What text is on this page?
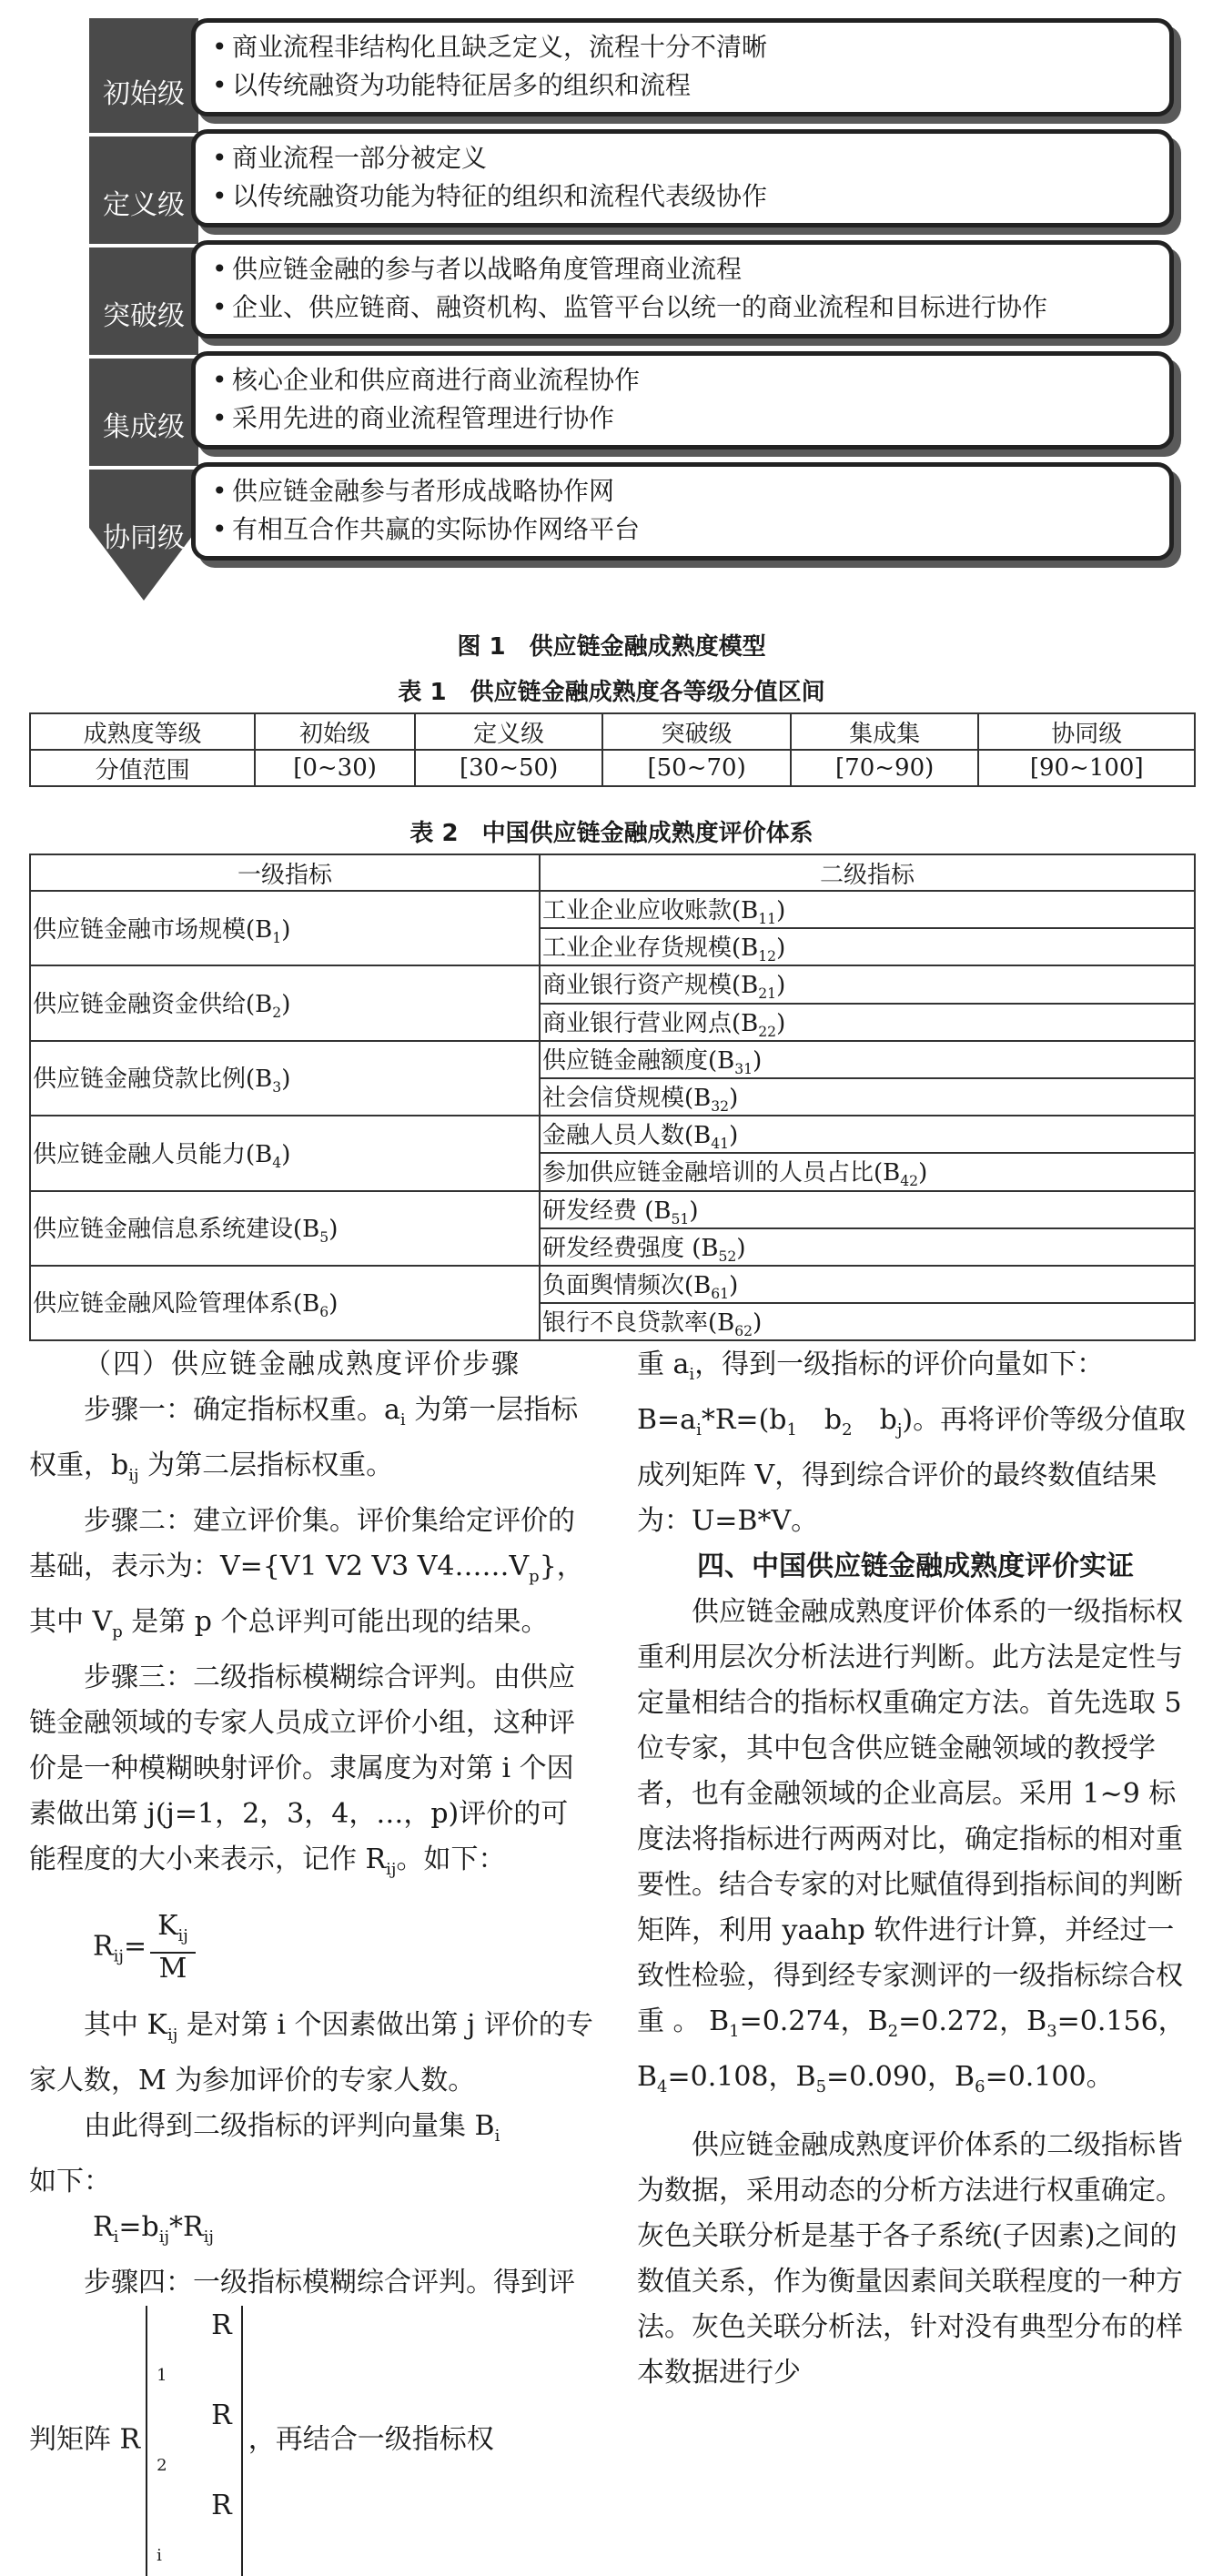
初始级
• 商业流程非结构化且缺乏定义，流程十分不清晰
• 以传统融资为功能特征居多的组织和流程
定义级
• 商业流程一部分被定义
• 以传统融资功能为特征的组织和流程代表级协作
突破级
• 供应链金融的参与者以战略角度管理商业流程
• 企业、供应链商、融资机构、监管平台以统一的商业流程和目标进行协作
集成级
• 核心企业和供应商进行商业流程协作
• 采用先进的商业流程管理进行协作
协同级
• 供应链金融参与者形成战略协作网
• 有相互合作共赢的实际协作网络平台
图 1　供应链金融成熟度模型
表 1　供应链金融成熟度各等级分值区间
成熟度等级	初始级	定义级	突破级	集成集	协同级
分值范围	[0~30)	[30~50)	[50~70)	[70~90)	[90~100]
表 2　中国供应链金融成熟度评价体系
一级指标	二级指标
供应链金融市场规模$(B_1)$	工业企业应收账款$(B_{11})$
	工业企业存货规模$(B_{12})$
供应链金融资金供给$(B_2)$	商业银行资产规模$(B_{21})$
	商业银行营业网点$(B_{22})$
供应链金融贷款比例$(B_3)$	供应链金融额度$(B_{31})$
	社会信贷规模$(B_{32})$
供应链金融人员能力$(B_4)$	金融人员人数$(B_{41})$
	参加供应链金融培训的人员占比$(B_{42})$
供应链金融信息系统建设$(B_5)$	研发经费 $(B_{51})$
	研发经费强度 $(B_{52})$
供应链金融风险管理体系$(B_6)$	负面舆情频次$(B_{61})$
	银行不良贷款率$(B_{62})$

（四）供应链金融成熟度评价步骤

步骤一：确定指标权重。$a_i$ 为第一层指标权重，$b_{ij}$ 为第二层指标权重。

步骤二：建立评价集。评价集给定评价的基础，表示为：V={V1 V2 V3 $V4\dots\dots V_p$}，其中 $V_p$ 是第 p 个总评判可能出现的结果。

步骤三：二级指标模糊综合评判。由供应链金融领域的专家人员成立评价小组，这种评价是一种模糊映射评价。隶属度为对第 i 个因素做出第 j(j=1，2，3，4，…，p)评价的可能程度的大小来表示，记作 $R_{ij}$。如下：

$R_{ij}= \frac{K_{ij}}{M}$

其中 $K_{ij}$ 是对第 i 个因素做出第 j 评价的专家人数，M 为参加评价的专家人数。

由此得到二级指标的评判向量集 $B_i$
如下：

$R_i=b_{ij}*R_{ij}$

步骤四：一级指标模糊综合评判。得到评判矩阵 R
R
$_1$
R
$_2$
R
$_i$
，再结合一级指标权

重 $a_i$，得到一级指标的评价向量如下：$B=a_i*R=(b_1$　$b_2$　$b_j$)。再将评价等级分值取成列矩阵 V，得到综合评价的最终数值结果为：U=B*V。

四、中国供应链金融成熟度评价实证

供应链金融成熟度评价体系的一级指标权重利用层次分析法进行判断。此方法是定性与定量相结合的指标权重确定方法。首先选取 5 位专家，其中包含供应链金融领域的教授学者，也有金融领域的企业高层。采用 1~9 标度法将指标进行两两对比，确定指标的相对重要性。结合专家的对比赋值得到指标间的判断矩阵，利用 yaahp 软件进行计算，并经过一致性检验，得到经专家测评的一级指标综合权重 。 $B_1=0.274$，$B_2=0.272$，$B_3=0.156$，$B_4=0.108$，$B_5=0.090$，$B_6=0.100$。

供应链金融成熟度评价体系的二级指标皆为数据，采用动态的分析方法进行权重确定。灰色关联分析是基于各子系统(子因素)之间的数值关系，作为衡量因素间关联程度的一种方法。灰色关联分析法，针对没有典型分布的样本数据进行少
